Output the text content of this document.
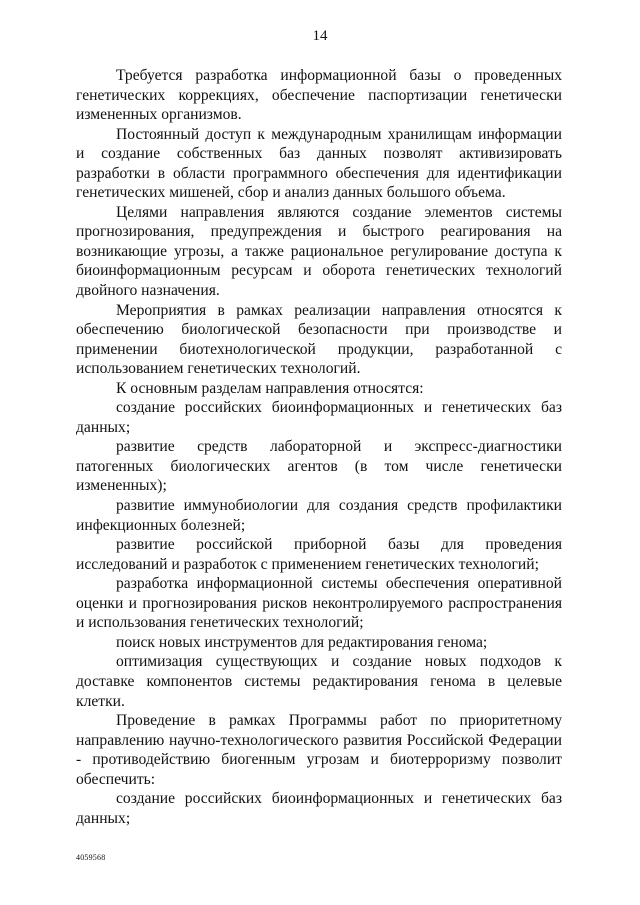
14

Требуется разработка информационной базы о проведенных генетических коррекциях, обеспечение паспортизации генетически измененных организмов.

Постоянный доступ к международным хранилищам информации и создание собственных баз данных позволят активизировать разработки в области программного обеспечения для идентификации генетических мишеней, сбор и анализ данных большого объема.

Целями направления являются создание элементов системы прогнозирования, предупреждения и быстрого реагирования на возникающие угрозы, а также рациональное регулирование доступа к биоинформационным ресурсам и оборота генетических технологий двойного назначения.

Мероприятия в рамках реализации направления относятся к обеспечению биологической безопасности при производстве и применении биотехнологической продукции, разработанной с использованием генетических технологий.

К основным разделам направления относятся:

создание российских биоинформационных и генетических баз данных;

развитие средств лабораторной и экспресс-диагностики патогенных биологических агентов (в том числе генетически измененных);

развитие иммунобиологии для создания средств профилактики инфекционных болезней;

развитие российской приборной базы для проведения исследований и разработок с применением генетических технологий;

разработка информационной системы обеспечения оперативной оценки и прогнозирования рисков неконтролируемого распространения и использования генетических технологий;

поиск новых инструментов для редактирования генома;

оптимизация существующих и создание новых подходов к доставке компонентов системы редактирования генома в целевые клетки.

Проведение в рамках Программы работ по приоритетному направлению научно-технологического развития Российской Федерации - противодействию биогенным угрозам и биотерроризму позволит обеспечить:

создание российских биоинформационных и генетических баз данных;

4059568
